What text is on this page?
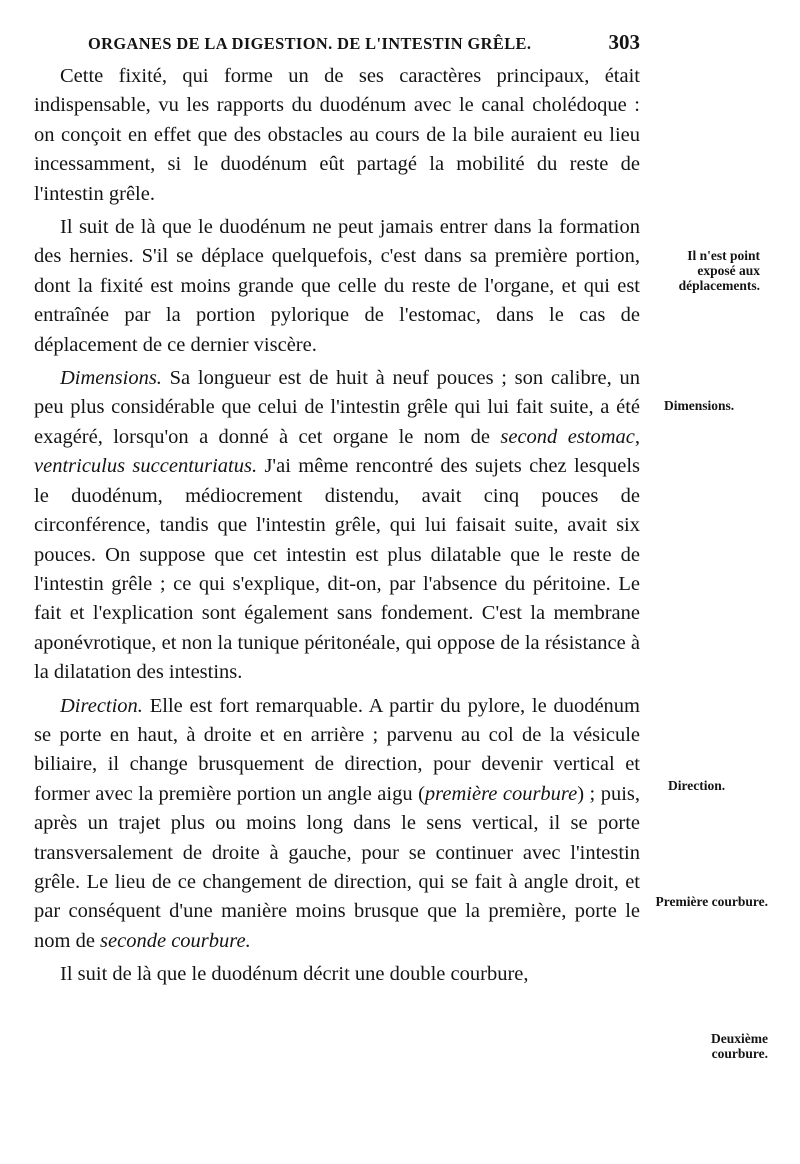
ORGANES DE LA DIGESTION. DE L'INTESTIN GRÊLE.	303

Cette fixité, qui forme un de ses caractères principaux, était indispensable, vu les rapports du duodénum avec le canal cholédoque : on conçoit en effet que des obstacles au cours de la bile auraient eu lieu incessamment, si le duodénum eût partagé la mobilité du reste de l'intestin grêle.

Il suit de là que le duodénum ne peut jamais entrer dans la formation des hernies. S'il se déplace quelquefois, c'est dans sa première portion, dont la fixité est moins grande que celle du reste de l'organe, et qui est entraînée par la portion pylorique de l'estomac, dans le cas de déplacement de ce dernier viscère.

Dimensions. Sa longueur est de huit à neuf pouces ; son calibre, un peu plus considérable que celui de l'intestin grêle qui lui fait suite, a été exagéré, lorsqu'on a donné à cet organe le nom de second estomac, ventriculus succenturiatus. J'ai même rencontré des sujets chez lesquels le duodénum, médiocrement distendu, avait cinq pouces de circonférence, tandis que l'intestin grêle, qui lui faisait suite, avait six pouces. On suppose que cet intestin est plus dilatable que le reste de l'intestin grêle ; ce qui s'explique, dit-on, par l'absence du péritoine. Le fait et l'explication sont également sans fondement. C'est la membrane aponévrotique, et non la tunique péritonéale, qui oppose de la résistance à la dilatation des intestins.

Direction. Elle est fort remarquable. A partir du pylore, le duodénum se porte en haut, à droite et en arrière ; parvenu au col de la vésicule biliaire, il change brusquement de direction, pour devenir vertical et former avec la première portion un angle aigu (première courbure) ; puis, après un trajet plus ou moins long dans le sens vertical, il se porte transversalement de droite à gauche, pour se continuer avec l'intestin grêle. Le lieu de ce changement de direction, qui se fait à angle droit, et par conséquent d'une manière moins brusque que la première, porte le nom de seconde courbure.

Il suit de là que le duodénum décrit une double courbure,

Il n'est point exposé aux déplacements.
Dimensions.
Direction.
Première courbure.
Deuxième courbure.
